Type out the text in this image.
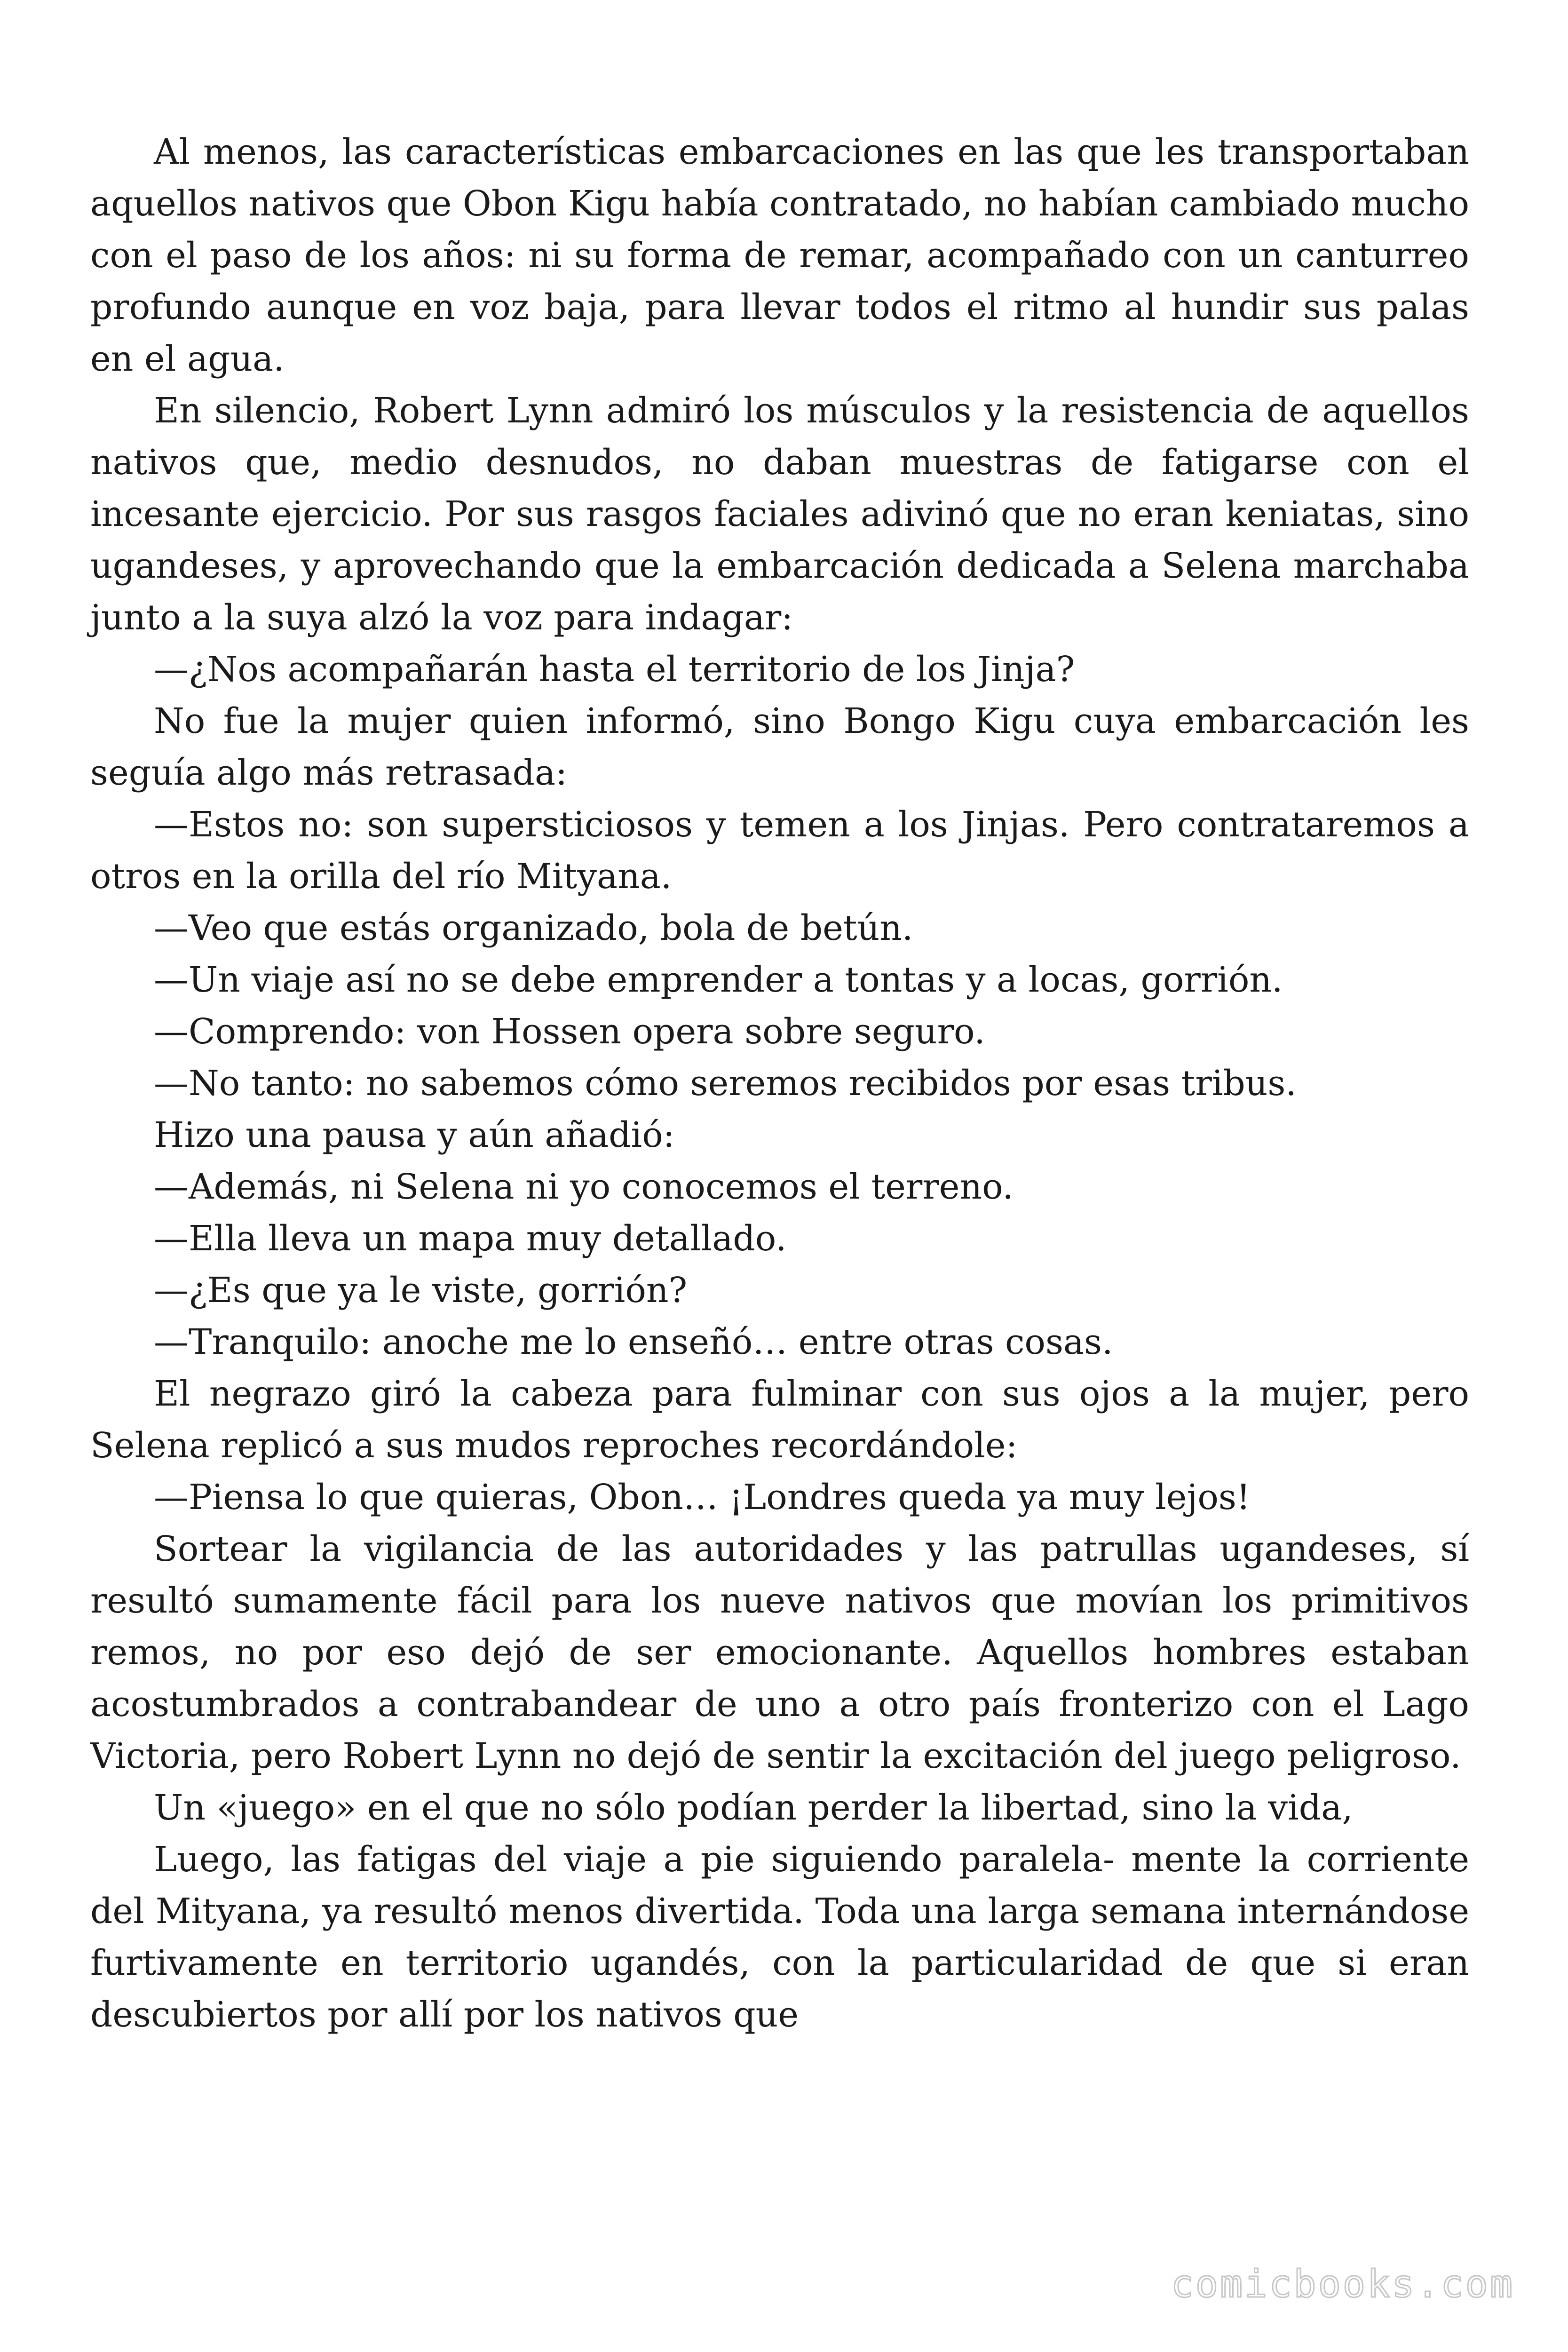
Al menos, las características embarcaciones en las que les transportaban aquellos nativos que Obon Kigu había contratado, no habían cambiado mucho con el paso de los años: ni su forma de remar, acompañado con un canturreo profundo aunque en voz baja, para llevar todos el ritmo al hundir sus palas en el agua.

En silencio, Robert Lynn admiró los músculos y la resistencia de aquellos nativos que, medio desnudos, no daban muestras de fatigarse con el incesante ejercicio. Por sus rasgos faciales adivinó que no eran keniatas, sino ugandeses, y aprovechando que la embarcación dedicada a Selena marchaba junto a la suya alzó la voz para indagar:

—¿Nos acompañarán hasta el territorio de los Jinja?

No fue la mujer quien informó, sino Bongo Kigu cuya embarcación les seguía algo más retrasada:

—Estos no: son supersticiosos y temen a los Jinjas. Pero contrataremos a otros en la orilla del río Mityana.

—Veo que estás organizado, bola de betún.

—Un viaje así no se debe emprender a tontas y a locas, gorrión.

—Comprendo: von Hossen opera sobre seguro.

—No tanto: no sabemos cómo seremos recibidos por esas tribus.

Hizo una pausa y aún añadió:

—Además, ni Selena ni yo conocemos el terreno.

—Ella lleva un mapa muy detallado.

—¿Es que ya le viste, gorrión?

—Tranquilo: anoche me lo enseñó… entre otras cosas.

El negrazo giró la cabeza para fulminar con sus ojos a la mujer, pero Selena replicó a sus mudos reproches recordándole:

—Piensa lo que quieras, Obon… ¡Londres queda ya muy lejos!

Sortear la vigilancia de las autoridades y las patrullas ugandeses, sí resultó sumamente fácil para los nueve nativos que movían los primitivos remos, no por eso dejó de ser emocionante. Aquellos hombres estaban acostumbrados a contrabandear de uno a otro país fronterizo con el Lago Victoria, pero Robert Lynn no dejó de sentir la excitación del juego peligroso.

Un «juego» en el que no sólo podían perder la libertad, sino la vida,

Luego, las fatigas del viaje a pie siguiendo paralela- mente la corriente del Mityana, ya resultó menos divertida. Toda una larga semana internándose furtivamente en territorio ugandés, con la particularidad de que si eran descubiertos por allí por los nativos que

comicbooks.com
